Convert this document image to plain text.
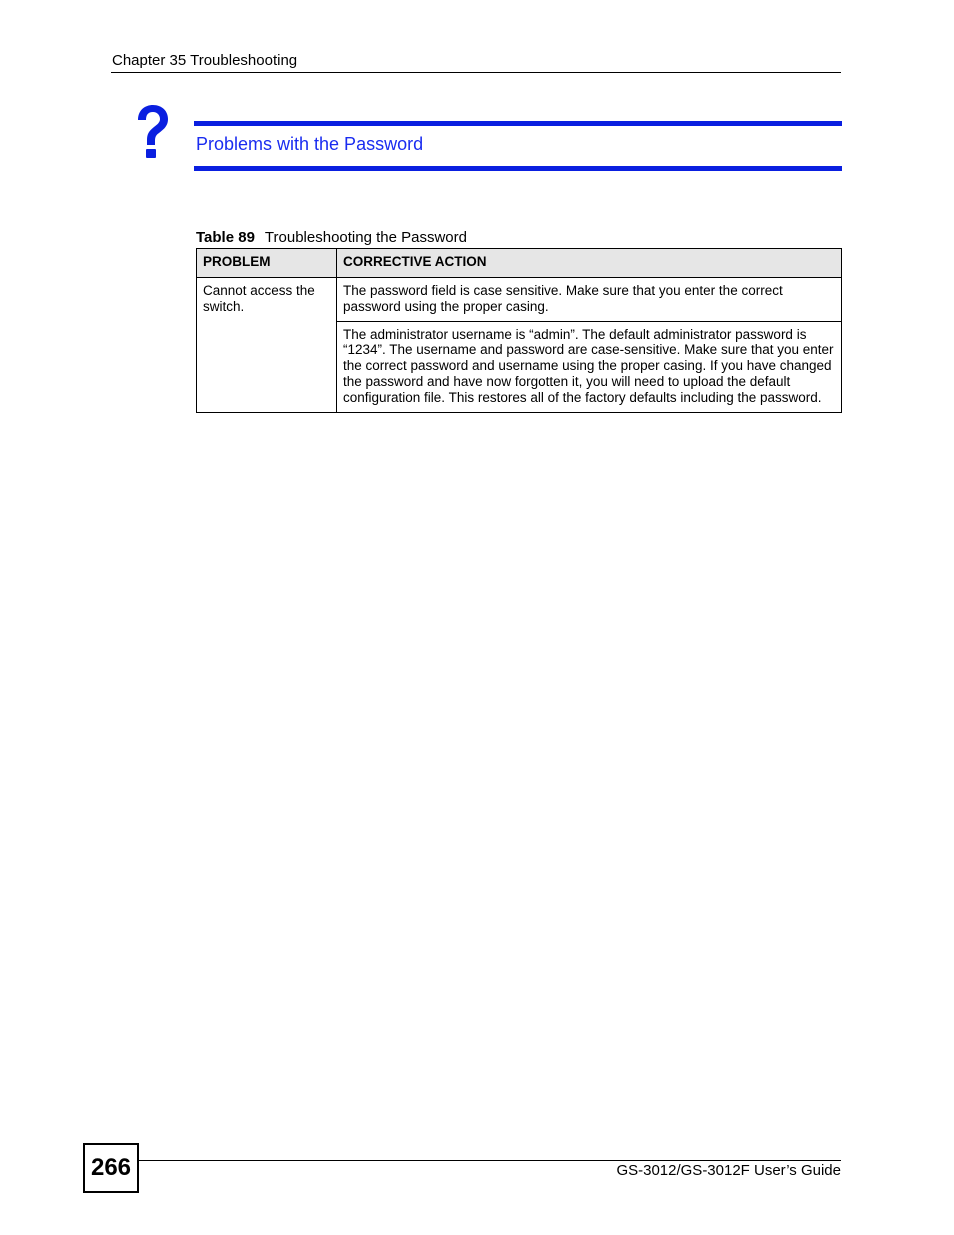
Chapter 35 Troubleshooting
Problems with the Password
Table 89 Troubleshooting the Password
PROBLEM	CORRECTIVE ACTION
Cannot access the switch.	The password field is case sensitive. Make sure that you enter the correct password using the proper casing.
	The administrator username is “admin”. The default administrator password is “1234”. The username and password are case-sensitive. Make sure that you enter the correct password and username using the proper casing. If you have changed the password and have now forgotten it, you will need to upload the default configuration file. This restores all of the factory defaults including the password.
266	GS-3012/GS-3012F User’s Guide
